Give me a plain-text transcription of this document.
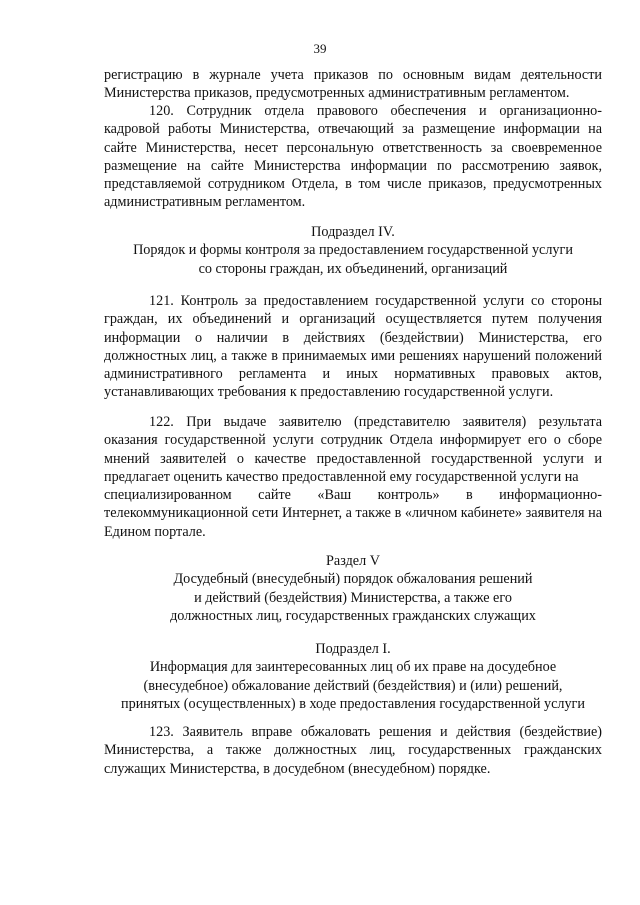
39

регистрацию в журнале учета приказов по основным видам деятельности Министерства приказов, предусмотренных административным регламентом.

120. Сотрудник отдела правового обеспечения и организационно-кадровой работы Министерства, отвечающий за размещение информации на сайте Министерства, несет персональную ответственность за своевременное размещение на сайте Министерства информации по рассмотрению заявок, представляемой сотрудником Отдела, в том числе приказов, предусмотренных административным регламентом.

Подраздел IV.

Порядок и формы контроля за предоставлением государственной услуги

со стороны граждан, их объединений, организаций

121. Контроль за предоставлением государственной услуги со стороны граждан, их объединений и организаций осуществляется путем получения информации о наличии в действиях (бездействии) Министерства, его должностных лиц, а также в принимаемых ими решениях нарушений положений административного регламента и иных нормативных правовых актов, устанавливающих требования к предоставлению государственной услуги.

122. При выдаче заявителю (представителю заявителя) результата оказания государственной услуги сотрудник Отдела информирует его о сборе мнений заявителей о качестве предоставленной государственной услуги и предлагает оценить качество предоставленной ему государственной услуги на

специализированном сайте «Ваш контроль» в информационно-

телекоммуникационной сети Интернет, а также в «личном кабинете» заявителя на Едином портале.

Раздел V

Досудебный (внесудебный) порядок обжалования решений

и действий (бездействия) Министерства, а также его

должностных лиц, государственных гражданских служащих

Подраздел I.

Информация для заинтересованных лиц об их праве на досудебное

(внесудебное) обжалование действий (бездействия) и (или) решений,

принятых (осуществленных) в ходе предоставления государственной услуги

123. Заявитель вправе обжаловать решения и действия (бездействие) Министерства, а также должностных лиц, государственных гражданских служащих Министерства, в досудебном (внесудебном) порядке.
